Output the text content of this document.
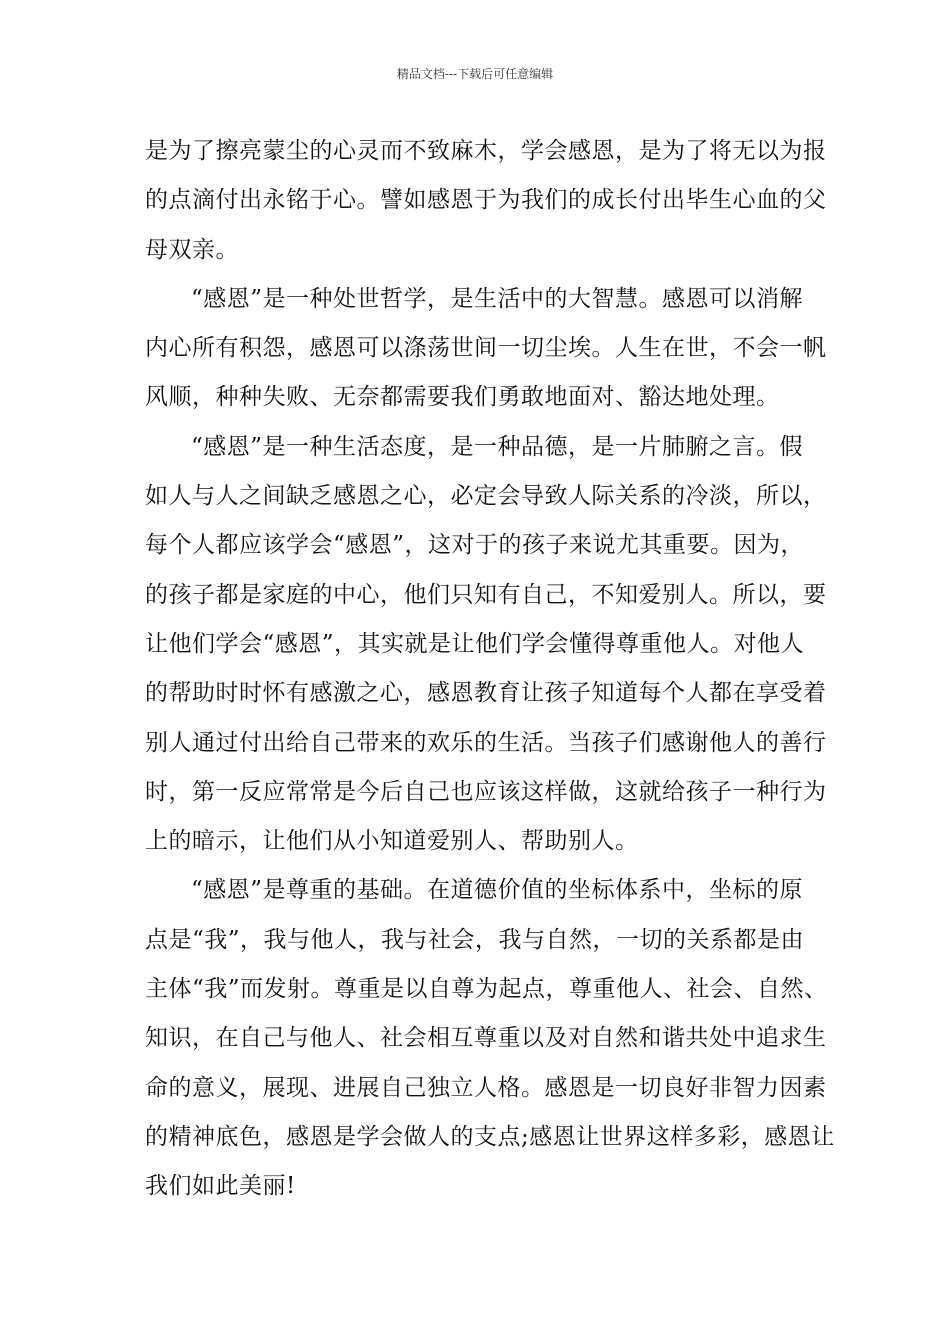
精品文档---下载后可任意编辑
是为了擦亮蒙尘的心灵而不致麻木，学会感恩，是为了将无以为报
的点滴付出永铭于心。譬如感恩于为我们的成长付出毕生心血的父
母双亲。
“感恩”是一种处世哲学，是生活中的大智慧。感恩可以消解
内心所有积怨，感恩可以涤荡世间一切尘埃。人生在世，不会一帆
风顺，种种失败、无奈都需要我们勇敢地面对、豁达地处理。
“感恩”是一种生活态度，是一种品德，是一片肺腑之言。假
如人与人之间缺乏感恩之心，必定会导致人际关系的冷淡，所以，
每个人都应该学会“感恩”，这对于的孩子来说尤其重要。因为，
的孩子都是家庭的中心，他们只知有自己，不知爱别人。所以，要
让他们学会“感恩”，其实就是让他们学会懂得尊重他人。对他人
的帮助时时怀有感激之心，感恩教育让孩子知道每个人都在享受着
别人通过付出给自己带来的欢乐的生活。当孩子们感谢他人的善行
时，第一反应常常是今后自己也应该这样做，这就给孩子一种行为
上的暗示，让他们从小知道爱别人、帮助别人。
“感恩”是尊重的基础。在道德价值的坐标体系中，坐标的原
点是“我”，我与他人，我与社会，我与自然，一切的关系都是由
主体“我”而发射。尊重是以自尊为起点，尊重他人、社会、自然、
知识，在自己与他人、社会相互尊重以及对自然和谐共处中追求生
命的意义，展现、进展自己独立人格。感恩是一切良好非智力因素
的精神底色，感恩是学会做人的支点;感恩让世界这样多彩，感恩让
我们如此美丽!
